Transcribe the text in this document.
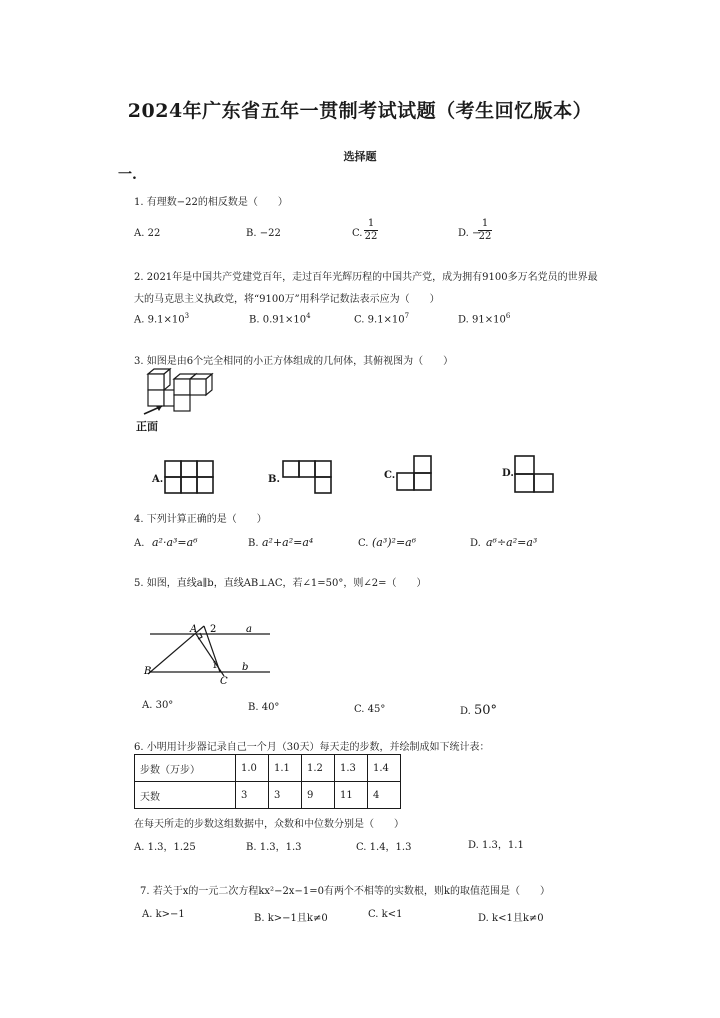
2024年广东省五年一贯制考试试题（考生回忆版本）
选择题
一.
1. 有理数−22的相反数是（　　）
A. 22	B. −22	C.
1
22	D. −
1
22
2. 2021年是中国共产党建党百年，走过百年光辉历程的中国共产党，成为拥有9100多万名党员的世界最
大的马克思主义执政党，将“9100万”用科学记数法表示应为（　　）
A. $9.1\times 10^3$	B. $0.91\times 10^4$	C. $9.1\times 10^7$	D. $91\times 10^6$
3. 如图是由6个完全相同的小正方体组成的几何体，其俯视图为（　　）
正面
A.	B.	C.	D.
4. 下列计算正确的是（　　）
A. a²·a³=a⁶	B. a²+a²=a⁴	C. (a³)²=a⁶	D. a⁶÷a²=a³
5. 如图，直线a∥b，直线AB⊥AC，若∠1=50°，则∠2=（　　）
A 2	a
B	1 b
C
A. 30°	B. 40°	C. 45°	D. 50°
6. 小明用计步器记录自己一个月（30天）每天走的步数，并绘制成如下统计表：
步数（万步）	1.0	1.1	1.2	1.3	1.4
天数	3	3	9	11	4
在每天所走的步数这组数据中，众数和中位数分别是（　　）
A. 1.3，1.25	B. 1.3，1.3	C. 1.4，1.3	D. 1.3，1.1
7. 若关于x的一元二次方程kx²−2x−1=0有两个不相等的实数根，则k的取值范围是（　　）
A. k>−1	B. k>−1且k≠0	C. k<1	D. k<1且k≠0
